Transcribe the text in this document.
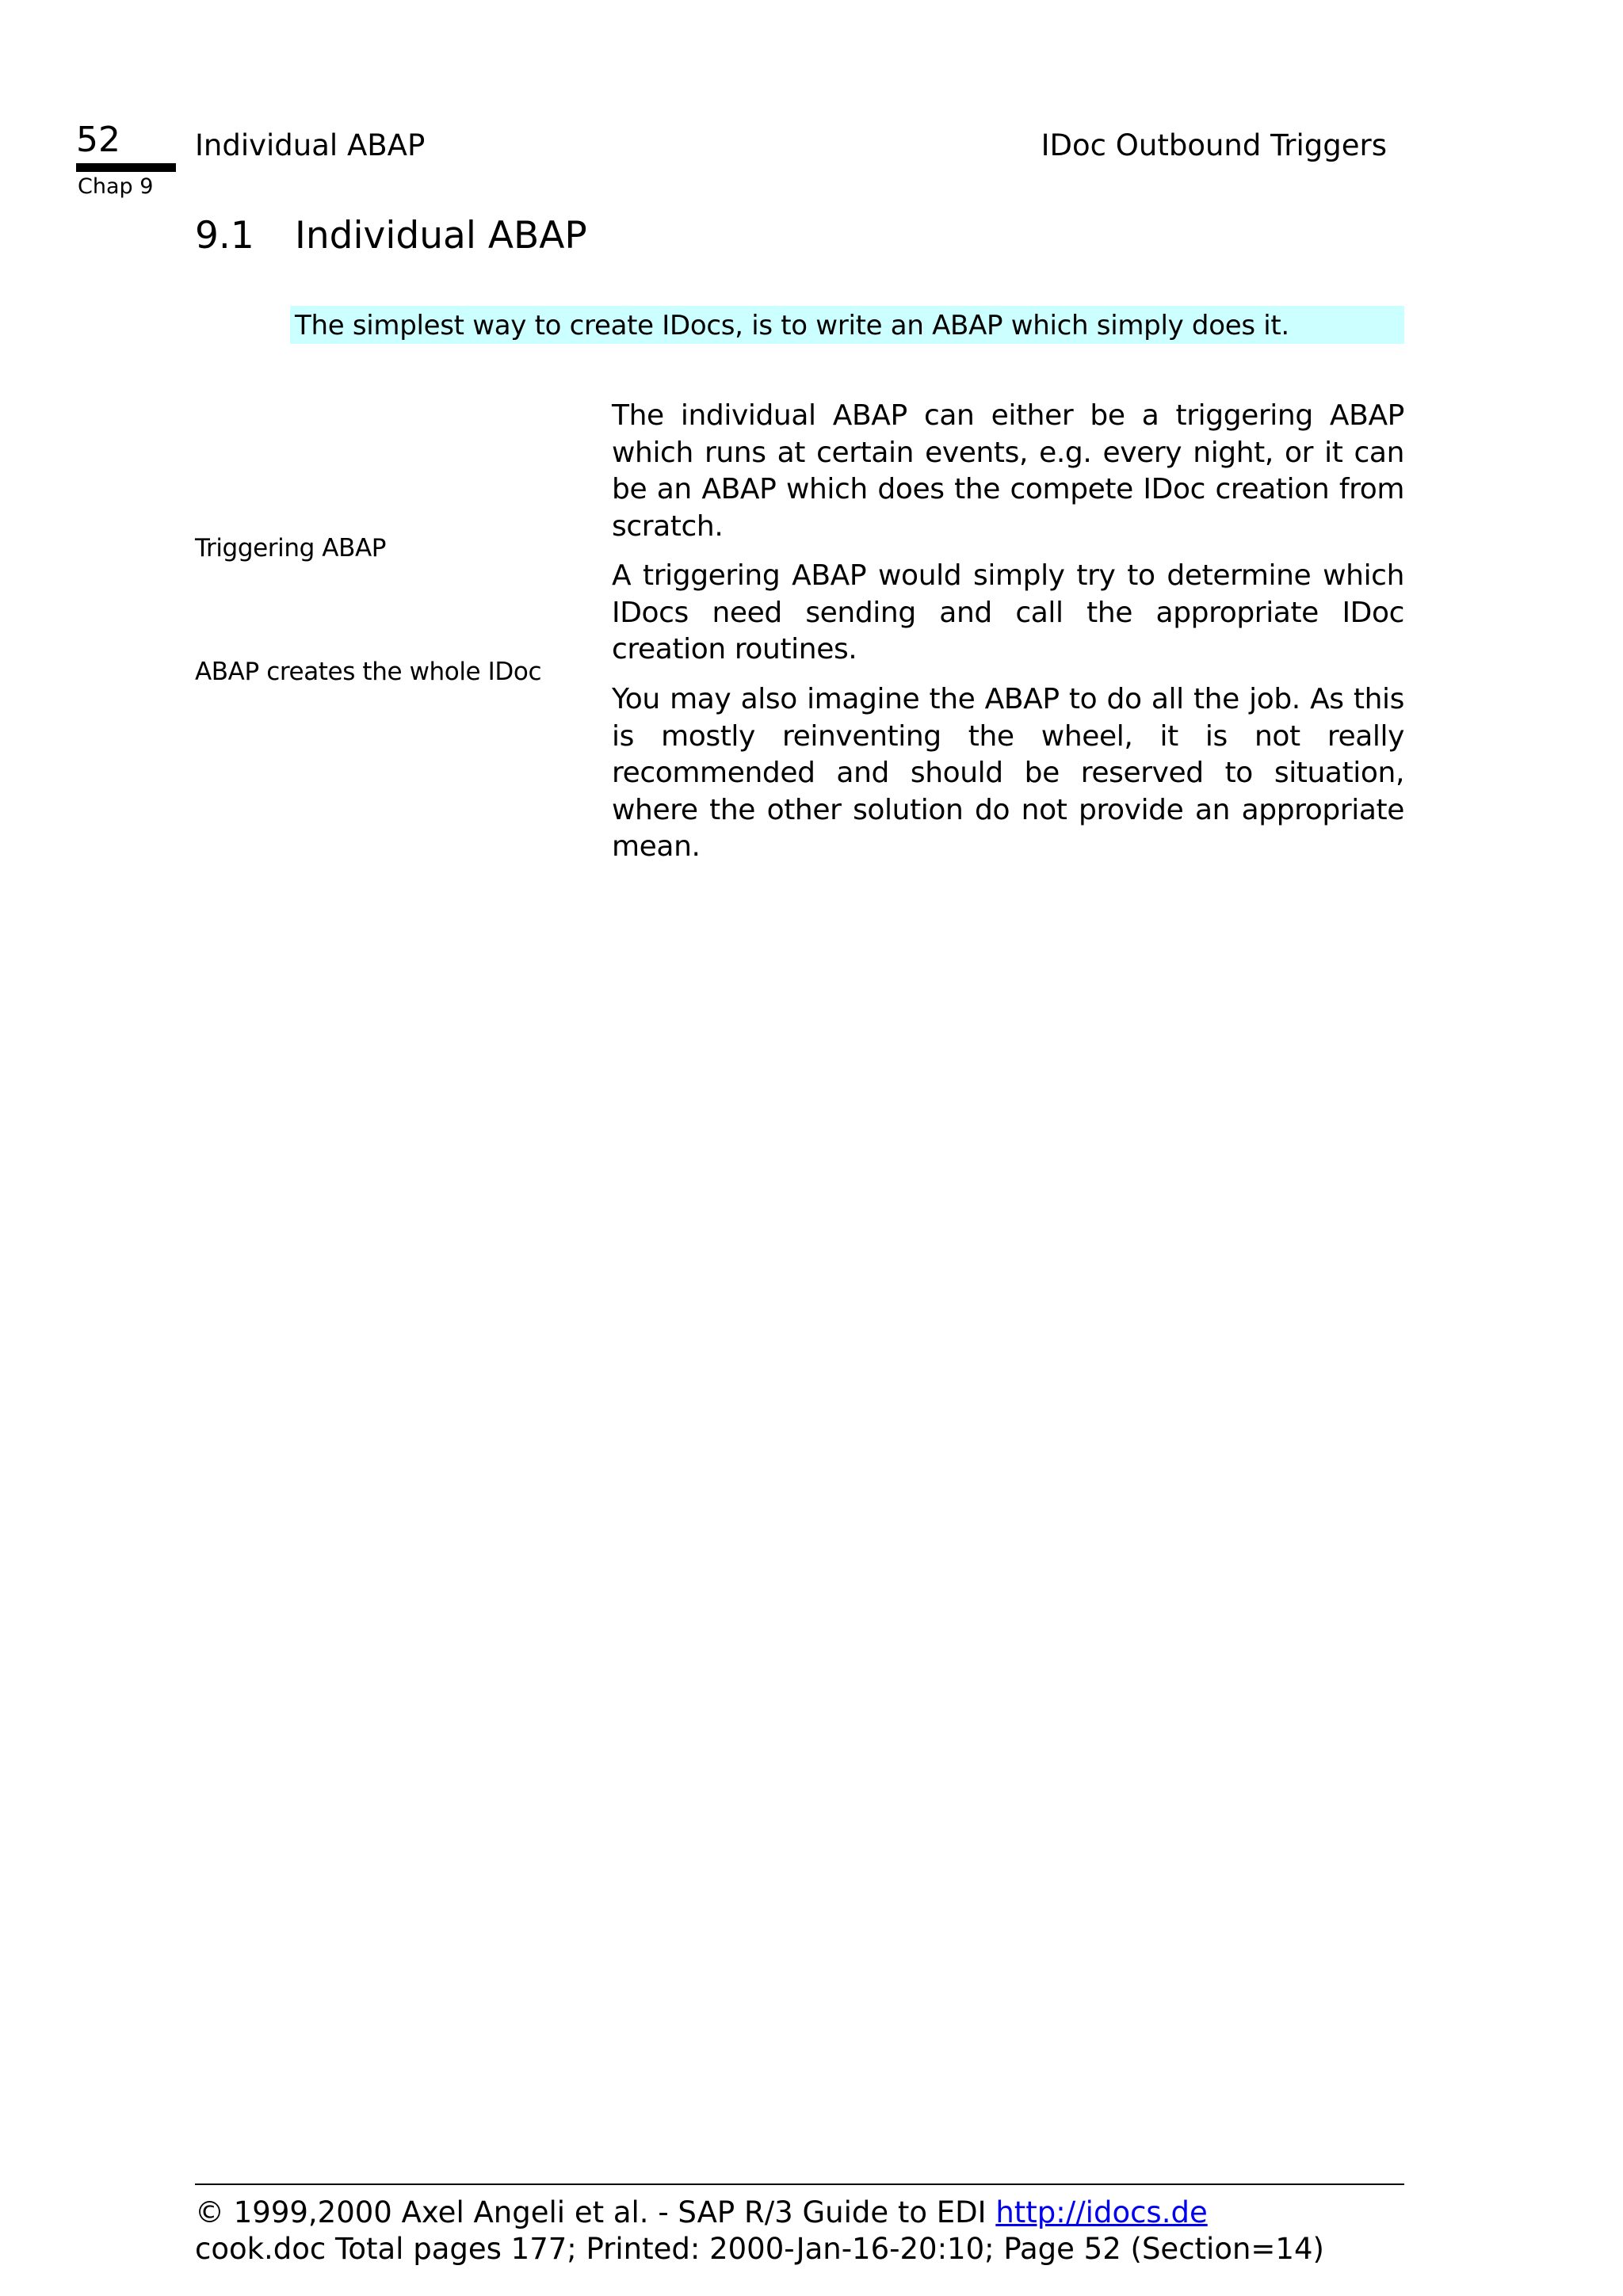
52
Chap 9
Individual ABAP	IDoc Outbound Triggers
9.1 Individual ABAP
The simplest way to create IDocs, is to write an ABAP which simply does it.

The individual ABAP can either be a triggering ABAP which runs at certain events, e.g. every night, or it can be an ABAP which does the compete IDoc creation from scratch.

Triggering ABAP

A triggering ABAP would simply try to determine which IDocs need sending and call the appropriate IDoc creation routines.

ABAP creates the whole IDoc

You may also imagine the ABAP to do all the job. As this is mostly reinventing the wheel, it is not really recommended and should be reserved to situation, where the other solution do not provide an appropriate mean.

© 1999,2000 Axel Angeli et al. - SAP R/3 Guide to EDI http://idocs.de
cook.doc Total pages 177; Printed: 2000-Jan-16-20:10; Page 52 (Section=14)
